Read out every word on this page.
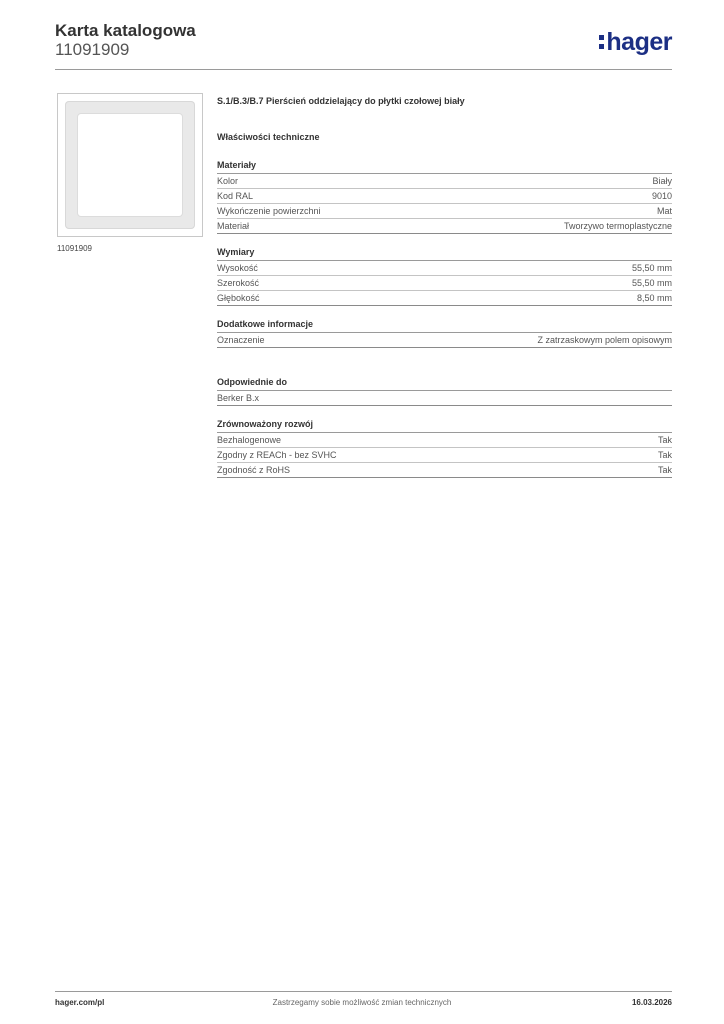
Karta katalogowa
11091909	hager
11091909
S.1/B.3/B.7 Pierścień oddzielający do płytki czołowej biały
Właściwości techniczne
Materiały
Kolor	Biały
Kod RAL	9010
Wykończenie powierzchni	Mat
Materiał	Tworzywo termoplastyczne
Wymiary
Wysokość	55,50 mm
Szerokość	55,50 mm
Głębokość	8,50 mm
Dodatkowe informacje
Oznaczenie	Z zatrzaskowym polem opisowym
Odpowiednie do
Berker B.x
Zrównoważony rozwój
Bezhalogenowe	Tak
Zgodny z REACh - bez SVHC	Tak
Zgodność z RoHS	Tak
hager.com/pl	Zastrzegamy sobie możliwość zmian technicznych	16.03.2026
